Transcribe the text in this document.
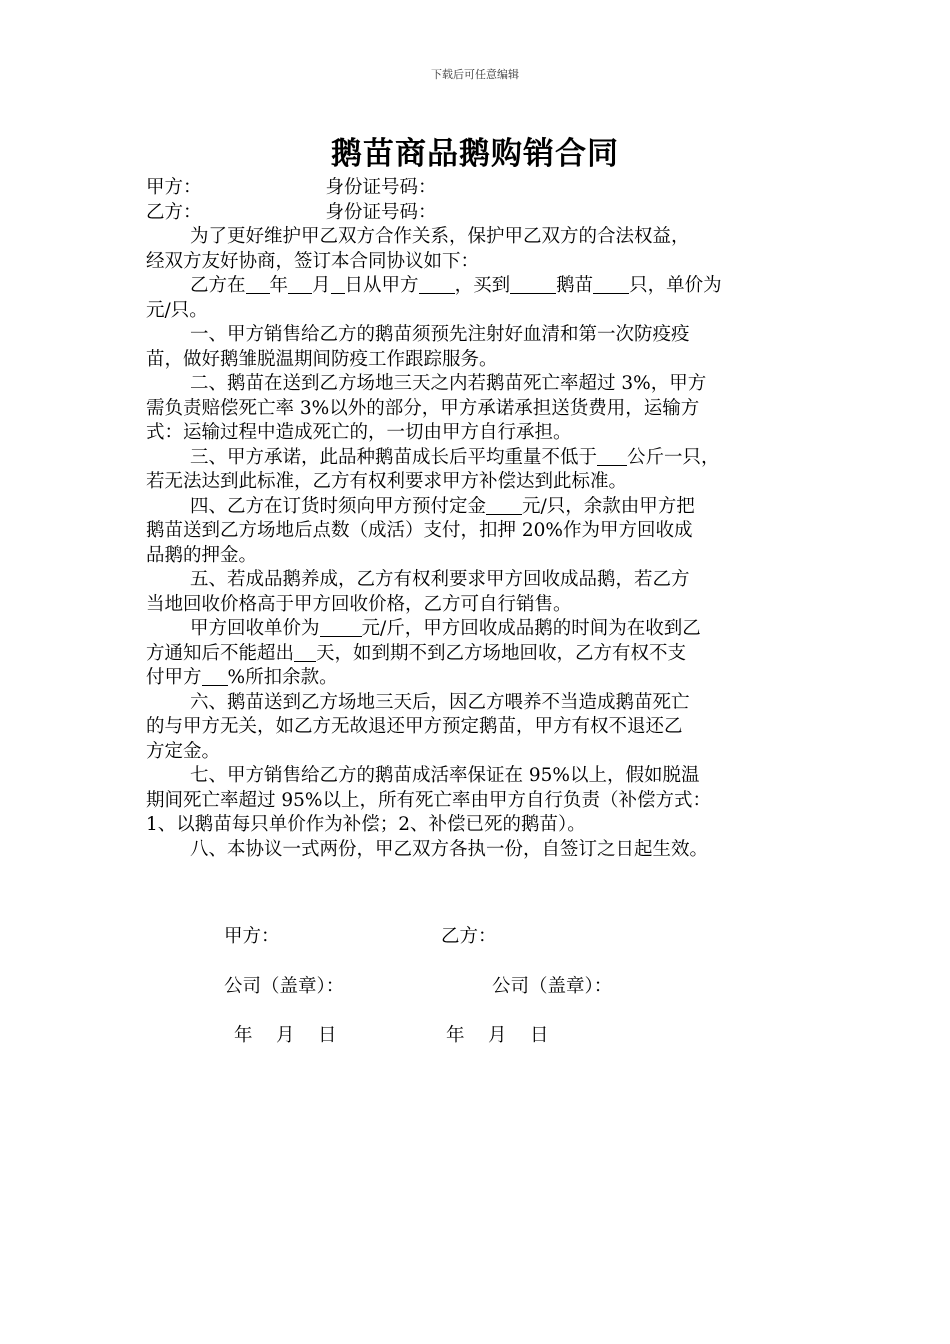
下载后可任意编辑
鹅苗商品鹅购销合同
甲方：	身份证号码：
乙方：	身份证号码：
为了更好维护甲乙双方合作关系，保护甲乙双方的合法权益，
经双方友好协商，签订本合同协议如下：
乙方在 年 月 日从甲方 ，买到 鹅苗 只，单价为
元/只。
一、甲方销售给乙方的鹅苗须预先注射好血清和第一次防疫疫
苗，做好鹅雏脱温期间防疫工作跟踪服务。
二、鹅苗在送到乙方场地三天之内若鹅苗死亡率超过 3%，甲方
需负责赔偿死亡率 3%以外的部分，甲方承诺承担送货费用，运输方
式：运输过程中造成死亡的，一切由甲方自行承担。
三、甲方承诺，此品种鹅苗成长后平均重量不低于 公斤一只，
若无法达到此标准，乙方有权利要求甲方补偿达到此标准。
四、乙方在订货时须向甲方预付定金 元/只，余款由甲方把
鹅苗送到乙方场地后点数（成活）支付，扣押 20%作为甲方回收成
品鹅的押金。
五、若成品鹅养成，乙方有权利要求甲方回收成品鹅，若乙方
当地回收价格高于甲方回收价格，乙方可自行销售。
甲方回收单价为 元/斤，甲方回收成品鹅的时间为在收到乙
方通知后不能超出 天，如到期不到乙方场地回收，乙方有权不支
付甲方 %所扣余款。
六、鹅苗送到乙方场地三天后，因乙方喂养不当造成鹅苗死亡
的与甲方无关，如乙方无故退还甲方预定鹅苗，甲方有权不退还乙
方定金。
七、甲方销售给乙方的鹅苗成活率保证在 95%以上，假如脱温
期间死亡率超过 95%以上，所有死亡率由甲方自行负责（补偿方式：
1、以鹅苗每只单价作为补偿；2、补偿已死的鹅苗）。
八、本协议一式两份，甲乙双方各执一份，自签订之日起生效。
甲方：	乙方：
公司（盖章）：	公司（盖章）：
年    月    日	年    月    日
